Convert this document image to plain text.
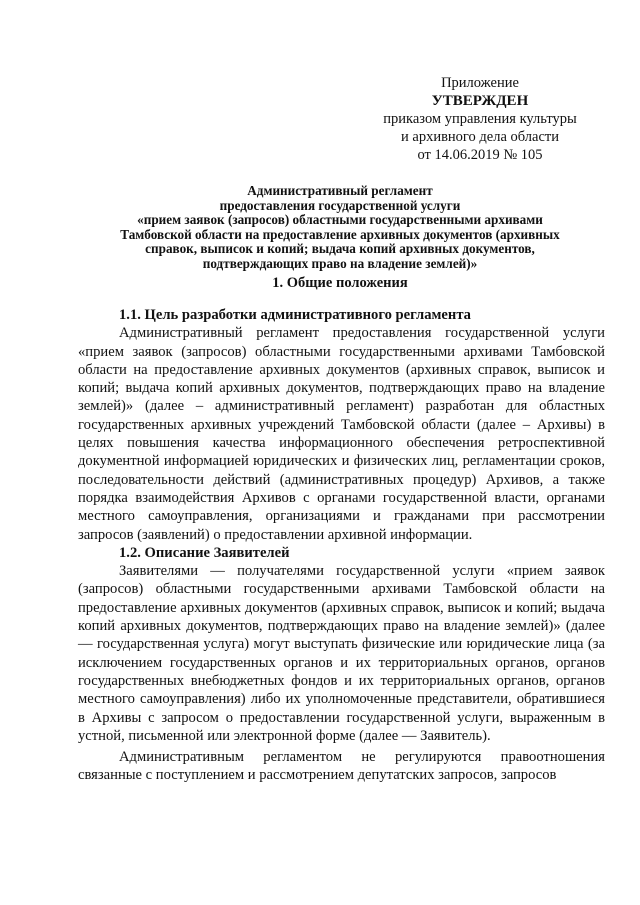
Приложение
УТВЕРЖДЕН
приказом управления культуры
и архивного дела области
от 14.06.2019 № 105
Административный регламент
предоставления государственной услуги
«прием заявок (запросов) областными государственными архивами
Тамбовской области на предоставление архивных документов (архивных
справок, выписок и копий; выдача копий архивных документов,
подтверждающих право на владение землей)»
1. Общие положения

1.1. Цель разработки административного регламента

Административный регламент предоставления государственной услуги «прием заявок (запросов) областными государственными архивами Тамбовской области на предоставление архивных документов (архивных справок, выписок и копий; выдача копий архивных документов, подтверждающих право на владение землей)» (далее – административный регламент) разработан для областных государственных архивных учреждений Тамбовской области (далее – Архивы) в целях повышения качества информационного обеспечения ретроспективной документной информацией юридических и физических лиц, регламентации сроков, последовательности действий (административных процедур) Архивов, а также порядка взаимодействия Архивов с органами государственной власти, органами местного самоуправления, организациями и гражданами при рассмотрении запросов (заявлений) о предоставлении архивной информации.

1.2. Описание Заявителей

Заявителями — получателями государственной услуги «прием заявок (запросов) областными государственными архивами Тамбовской области на предоставление архивных документов (архивных справок, выписок и копий; выдача копий архивных документов, подтверждающих право на владение землей)» (далее — государственная услуга) могут выступать физические или юридические лица (за исключением государственных органов и их территориальных органов, органов государственных внебюджетных фондов и их территориальных органов, органов местного самоуправления) либо их уполномоченные представители, обратившиеся в Архивы с запросом о предоставлении государственной услуги, выраженным в устной, письменной или электронной форме (далее — Заявитель).

Административным регламентом не регулируются правоотношения связанные с поступлением и рассмотрением депутатских запросов, запросов
